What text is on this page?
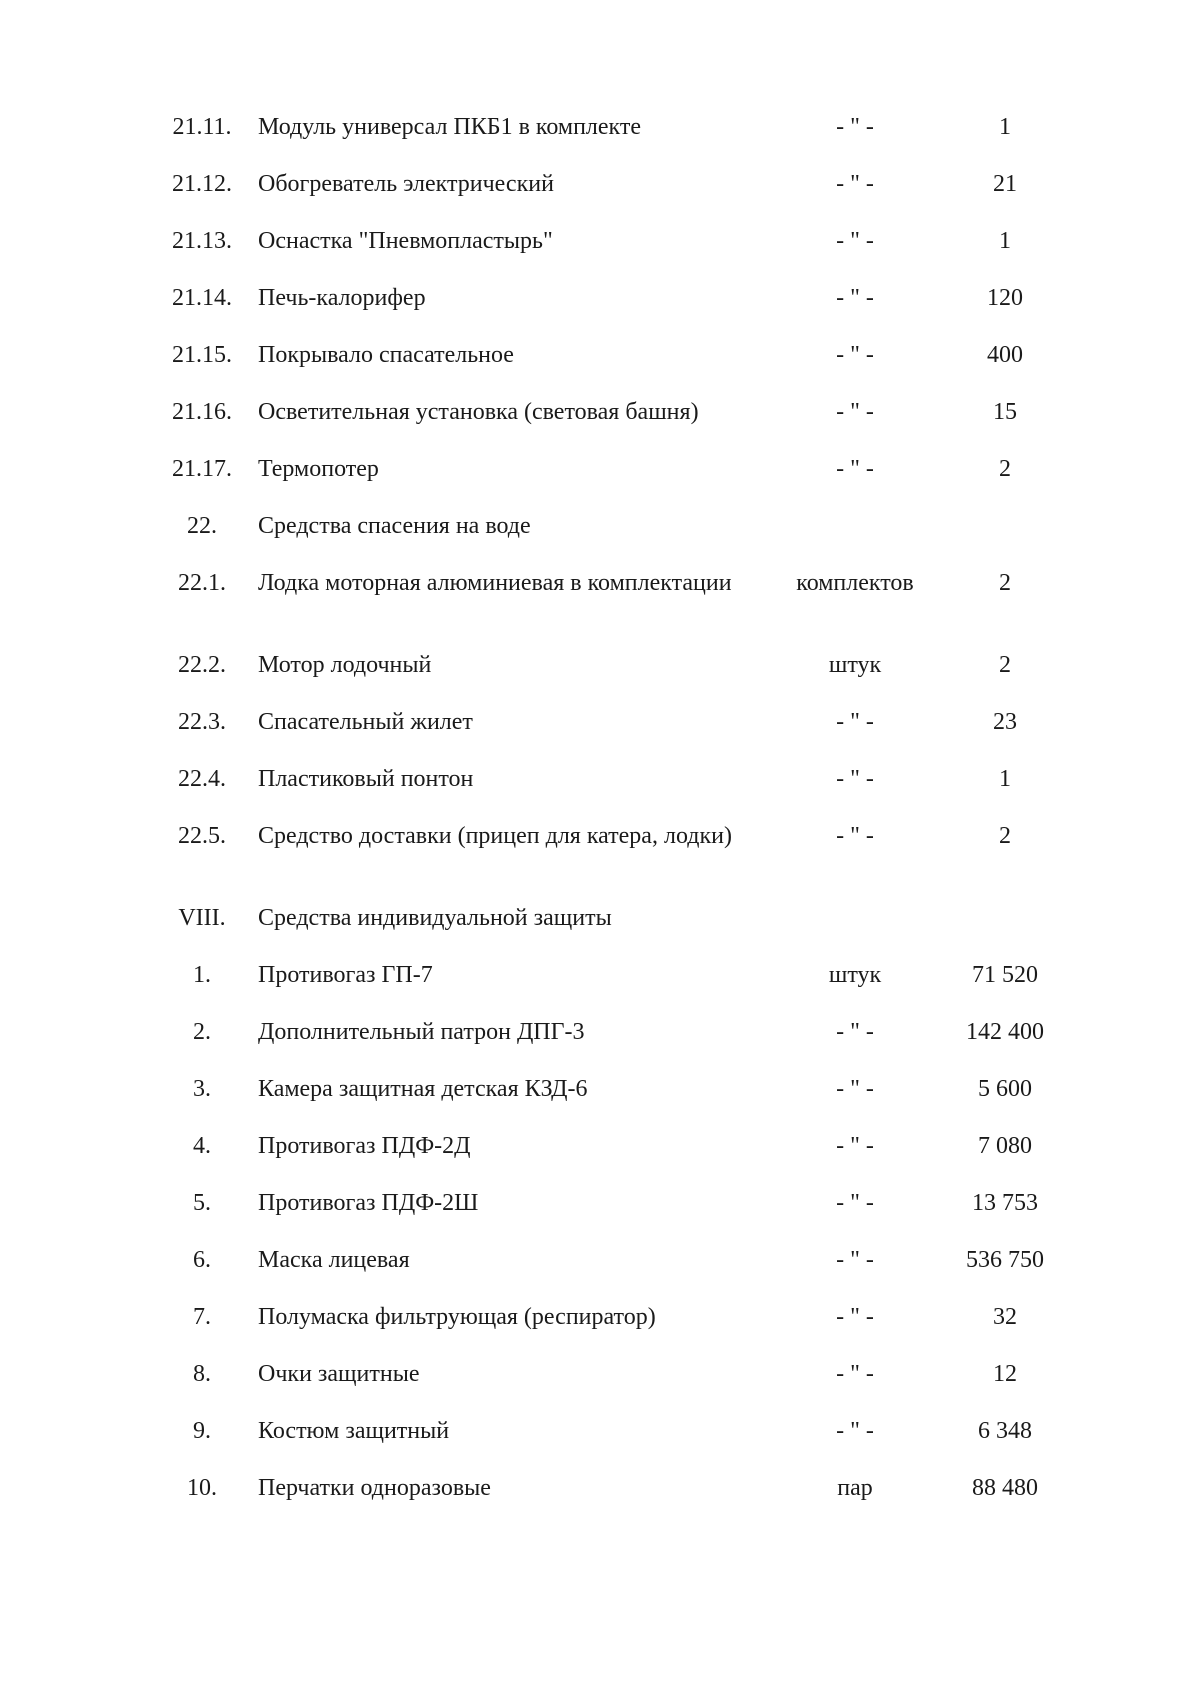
21.11.	Модуль универсал ПКБ1 в комплекте	- " -	1
21.12.	Обогреватель электрический	- " -	21
21.13.	Оснастка "Пневмопластырь"	- " -	1
21.14.	Печь-калорифер	- " -	120
21.15.	Покрывало спасательное	- " -	400
21.16.	Осветительная установка (световая башня)	- " -	15
21.17.	Термопотер	- " -	2
22.	Средства спасения на воде
22.1.	Лодка моторная алюминиевая в комплектации	комплектов	2
22.2.	Мотор лодочный	штук	2
22.3.	Спасательный жилет	- " -	23
22.4.	Пластиковый понтон	- " -	1
22.5.	Средство доставки (прицеп для катера, лодки)	- " -	2
VIII.	Средства индивидуальной защиты
1.	Противогаз ГП-7	штук	71 520
2.	Дополнительный патрон ДПГ-3	- " -	142 400
3.	Камера защитная детская КЗД-6	- " -	5 600
4.	Противогаз ПДФ-2Д	- " -	7 080
5.	Противогаз ПДФ-2Ш	- " -	13 753
6.	Маска лицевая	- " -	536 750
7.	Полумаска фильтрующая (респиратор)	- " -	32
8.	Очки защитные	- " -	12
9.	Костюм защитный	- " -	6 348
10.	Перчатки одноразовые	пар	88 480
